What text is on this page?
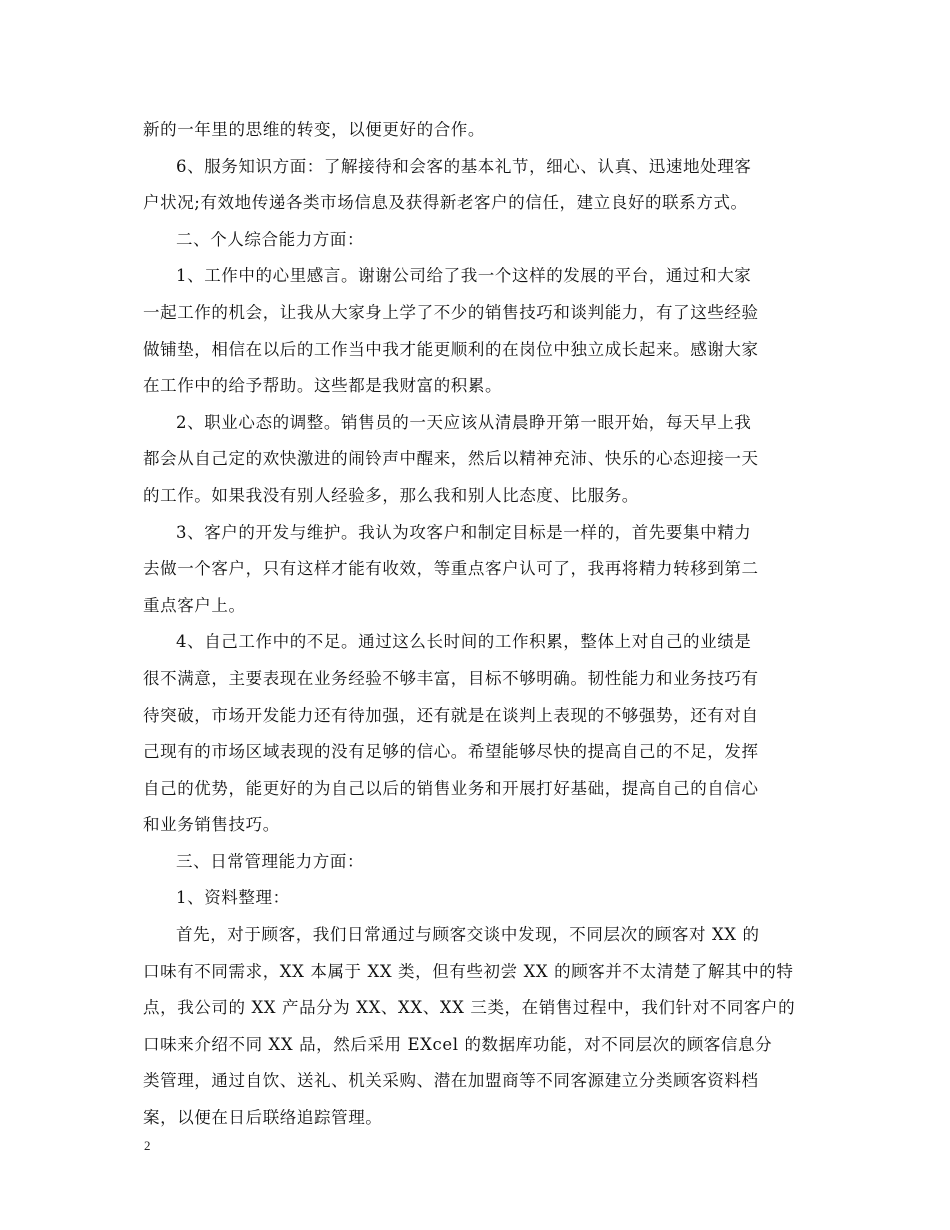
新的一年里的思维的转变，以便更好的合作。
6、服务知识方面：了解接待和会客的基本礼节，细心、认真、迅速地处理客
户状况;有效地传递各类市场信息及获得新老客户的信任，建立良好的联系方式。
二、个人综合能力方面：
1、工作中的心里感言。谢谢公司给了我一个这样的发展的平台，通过和大家
一起工作的机会，让我从大家身上学了不少的销售技巧和谈判能力，有了这些经验
做铺垫，相信在以后的工作当中我才能更顺利的在岗位中独立成长起来。感谢大家
在工作中的给予帮助。这些都是我财富的积累。
2、职业心态的调整。销售员的一天应该从清晨睁开第一眼开始，每天早上我
都会从自己定的欢快激进的闹铃声中醒来，然后以精神充沛、快乐的心态迎接一天
的工作。如果我没有别人经验多，那么我和别人比态度、比服务。
3、客户的开发与维护。我认为攻客户和制定目标是一样的，首先要集中精力
去做一个客户，只有这样才能有收效，等重点客户认可了，我再将精力转移到第二
重点客户上。
4、自己工作中的不足。通过这么长时间的工作积累，整体上对自己的业绩是
很不满意，主要表现在业务经验不够丰富，目标不够明确。韧性能力和业务技巧有
待突破，市场开发能力还有待加强，还有就是在谈判上表现的不够强势，还有对自
己现有的市场区域表现的没有足够的信心。希望能够尽快的提高自己的不足，发挥
自己的优势，能更好的为自己以后的销售业务和开展打好基础，提高自己的自信心
和业务销售技巧。
三、日常管理能力方面：
1、资料整理：
首先，对于顾客，我们日常通过与顾客交谈中发现，不同层次的顾客对 XX 的
口味有不同需求，XX 本属于 XX 类，但有些初尝 XX 的顾客并不太清楚了解其中的特
点，我公司的 XX 产品分为 XX、XX、XX 三类，在销售过程中，我们针对不同客户的
口味来介绍不同 XX 品，然后采用 EXcel 的数据库功能，对不同层次的顾客信息分
类管理，通过自饮、送礼、机关采购、潜在加盟商等不同客源建立分类顾客资料档
案，以便在日后联络追踪管理。

2
